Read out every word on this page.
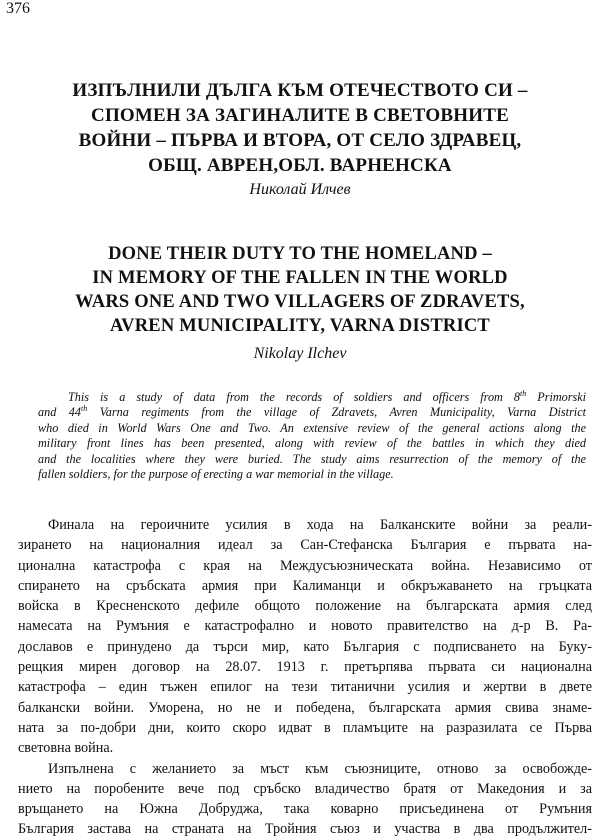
376
ИЗПЪЛНИЛИ ДЪЛГА КЪМ ОТЕЧЕСТВОТО СИ –
СПОМЕН ЗА ЗАГИНАЛИТЕ В СВЕТОВНИТЕ
ВОЙНИ – ПЪРВА И ВТОРА, ОТ СЕЛО ЗДРАВЕЦ,
ОБЩ. АВРЕН,ОБЛ. ВАРНЕНСКА
Николай Илчев
DONE THEIR DUTY TO THE HOMELAND –
IN MEMORY OF THE FALLEN IN THE WORLD
WARS ONE AND TWO VILLAGERS OF ZDRAVETS,
AVREN MUNICIPALITY, VARNA DISTRICT
Nikolay Ilchev
This is a study of data from the records of soldiers and officers from 8th Primorski
and 44th Varna regiments from the village of Zdravets, Avren Municipality, Varna District
who died in World Wars One and Two. An extensive review of the general actions along the
military front lines has been presented, along with review of the battles in which they died
and the localities where they were buried. The study aims resurrection of the memory of the
fallen soldiers, for the purpose of erecting a war memorial in the village.
Финала на героичните усилия в хода на Балканските войни за реали-
зирането на националния идеал за Сан-Стефанска България е първата на-
ционална катастрофа с края на Междусъюзническата война. Независимо от
спирането на сръбската армия при Калиманци и обкръжаването на гръцката
войска в Кресненското дефиле общото положение на българската армия след
намесата на Румъния е катастрофално и новото правителство на д-р В. Ра-
дославов е принудено да търси мир, като България с подписването на Буку-
рещкия мирен договор на 28.07. 1913 г. претърпява първата си национална
катастрофа – един тъжен епилог на тези титанични усилия и жертви в двете
балкански войни. Уморена, но не и победена, българската армия свива знаме-
ната за по-добри дни, които скоро идват в пламъците на разразилата се Първа
световна война.
Изпълнена с желанието за мъст към съюзниците, отново за освобожде-
нието на поробените вече под сръбско владичество братя от Македония и за
връщането на Южна Добруджа, така коварно присъединена от Румъния
България застава на страната на Тройния съюз и участва в два продължител-
